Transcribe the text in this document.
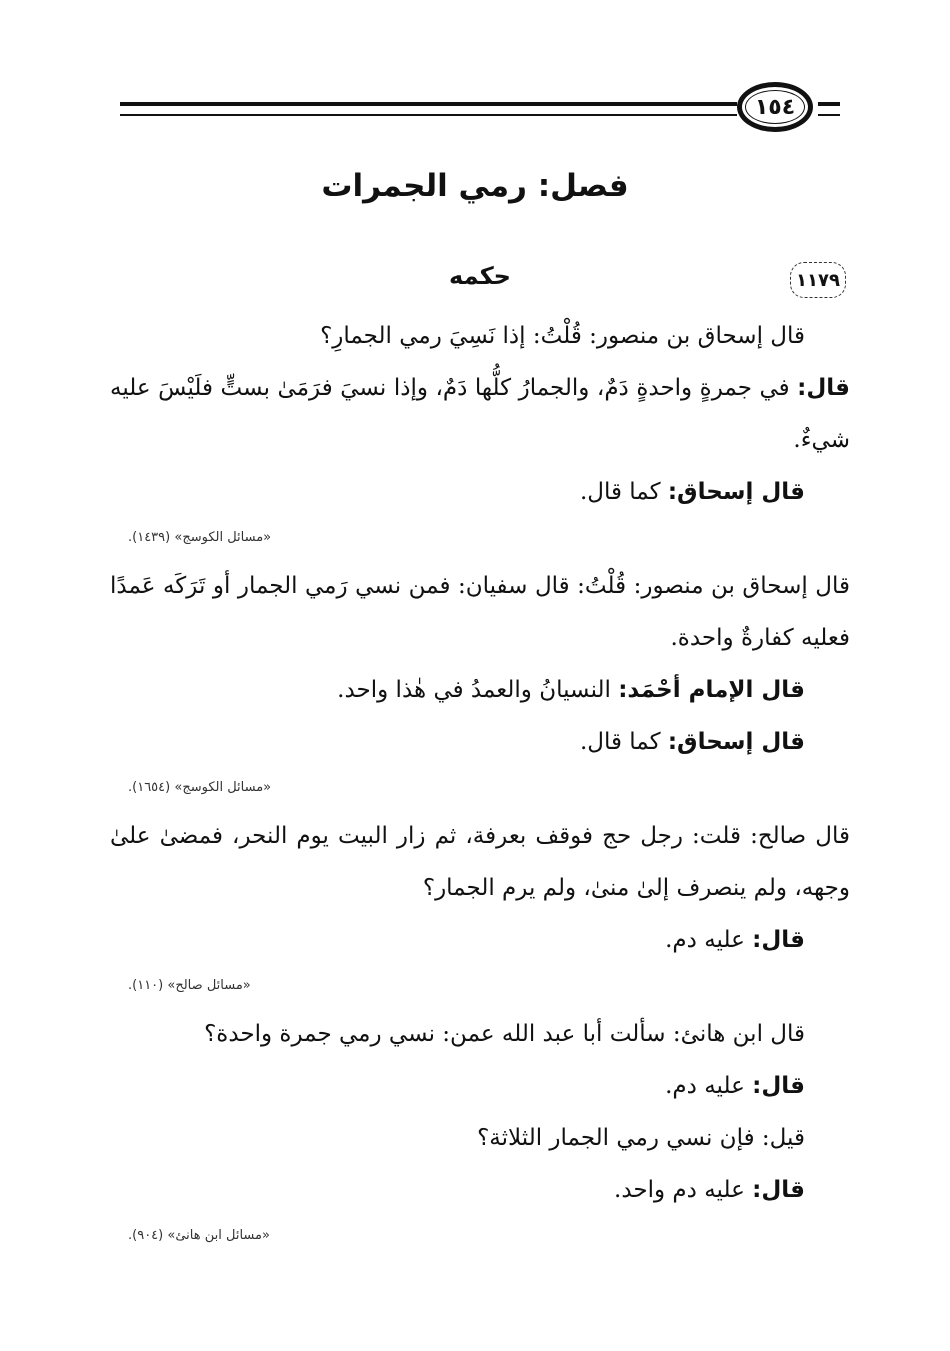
١٥٤
فصل: رمي الجمرات
١١٧٩
حكمه

قال إسحاق بن منصور: قُلْتُ: إذا نَسِيَ رمي الجمارِ؟

قال: في جمرةٍ واحدةٍ دَمٌ، والجمارُ كلُّها دَمٌ، وإذا نسيَ فرَمَىٰ بستٍّ فلَيْسَ عليه شيءٌ.

قال إسحاق: كما قال.

«مسائل الكوسج» (١٤٣٩).

قال إسحاق بن منصور: قُلْتُ: قال سفيان: فمن نسي رَمي الجمار أو تَرَكَه عَمدًا فعليه كفارةٌ واحدة.

قال الإمام أحْمَد: النسيانُ والعمدُ في هٰذا واحد.

قال إسحاق: كما قال.

«مسائل الكوسج» (١٦٥٤).

قال صالح: قلت: رجل حج فوقف بعرفة، ثم زار البيت يوم النحر، فمضىٰ علىٰ وجهه، ولم ينصرف إلىٰ منىٰ، ولم يرم الجمار؟

قال: عليه دم.

«مسائل صالح» (١١٠).

قال ابن هانئ: سألت أبا عبد الله عمن: نسي رمي جمرة واحدة؟

قال: عليه دم.

قيل: فإن نسي رمي الجمار الثلاثة؟

قال: عليه دم واحد.

«مسائل ابن هانئ» (٩٠٤).
